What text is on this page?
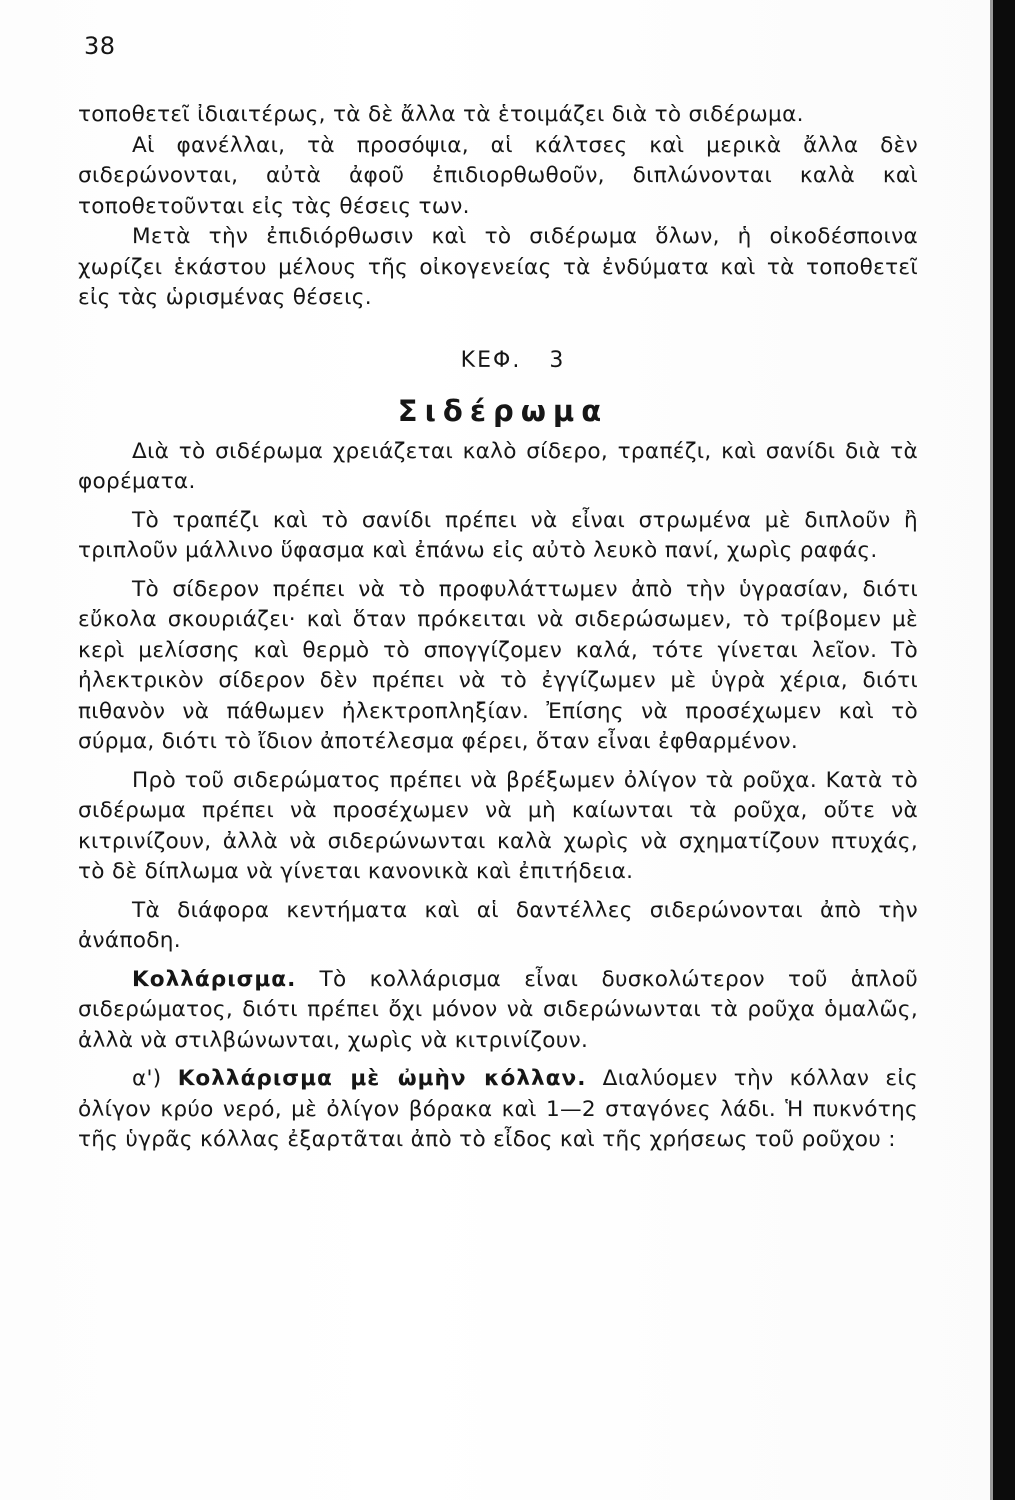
38

τοποθετεῖ ἰδιαιτέρως, τὰ δὲ ἄλλα τὰ ἑτοιμάζει διὰ τὸ σιδέρωμα.

Αἱ φανέλλαι, τὰ προσόψια, αἱ κάλτσες καὶ μερικὰ ἄλλα δὲν σιδερώνονται, αὐτὰ ἀφοῦ ἐπιδιορθωθοῦν, διπλώνονται καλὰ καὶ τοποθετοῦνται εἰς τὰς θέσεις των.

Μετὰ τὴν ἐπιδιόρθωσιν καὶ τὸ σιδέρωμα ὅλων, ἡ οἰκοδέσποινα χωρίζει ἑκάστου μέλους τῆς οἰκογενείας τὰ ἐνδύματα καὶ τὰ τοποθετεῖ εἰς τὰς ὡρισμένας θέσεις.

ΚΕΦ. 3

Σιδέρωμα

Διὰ τὸ σιδέρωμα χρειάζεται καλὸ σίδερο, τραπέζι, καὶ σανίδι διὰ τὰ φορέματα.

Τὸ τραπέζι καὶ τὸ σανίδι πρέπει νὰ εἶναι στρωμένα μὲ διπλοῦν ἢ τριπλοῦν μάλλινο ὕφασμα καὶ ἐπάνω εἰς αὐτὸ λευκὸ πανί, χωρὶς ραφάς.

Τὸ σίδερον πρέπει νὰ τὸ προφυλάττωμεν ἀπὸ τὴν ὑγρασίαν, διότι εὔκολα σκουριάζει· καὶ ὅταν πρόκειται νὰ σιδερώσωμεν, τὸ τρίβομεν μὲ κερὶ μελίσσης καὶ θερμὸ τὸ σπογγίζομεν καλά, τότε γίνεται λεῖον. Τὸ ἠλεκτρικὸν σίδερον δὲν πρέπει νὰ τὸ ἐγγίζωμεν μὲ ὑγρὰ χέρια, διότι πιθανὸν νὰ πάθωμεν ἠλεκτροπληξίαν. Ἐπίσης νὰ προσέχωμεν καὶ τὸ σύρμα, διότι τὸ ἴδιον ἀποτέλεσμα φέρει, ὅταν εἶναι ἐφθαρμένον.

Πρὸ τοῦ σιδερώματος πρέπει νὰ βρέξωμεν ὀλίγον τὰ ροῦχα. Κατὰ τὸ σιδέρωμα πρέπει νὰ προσέχωμεν νὰ μὴ καίωνται τὰ ροῦχα, οὔτε νὰ κιτρινίζουν, ἀλλὰ νὰ σιδερώνωνται καλὰ χωρὶς νὰ σχηματίζουν πτυχάς, τὸ δὲ δίπλωμα νὰ γίνεται κανονικὰ καὶ ἐπιτήδεια.

Τὰ διάφορα κεντήματα καὶ αἱ δαντέλλες σιδερώνονται ἀπὸ τὴν ἀνάποδη.

Κολλάρισμα. Τὸ κολλάρισμα εἶναι δυσκολώτερον τοῦ ἁπλοῦ σιδερώματος, διότι πρέπει ὄχι μόνον νὰ σιδερώνωνται τὰ ροῦχα ὁμαλῶς, ἀλλὰ νὰ στιλβώνωνται, χωρὶς νὰ κιτρινίζουν.

α') Κολλάρισμα μὲ ὠμὴν κόλλαν. Διαλύομεν τὴν κόλλαν εἰς ὀλίγον κρύο νερό, μὲ ὀλίγον βόρακα καὶ 1—2 σταγόνες λάδι. Ἡ πυκνότης τῆς ὑγρᾶς κόλλας ἐξαρτᾶται ἀπὸ τὸ εἶδος καὶ τῆς χρήσεως τοῦ ροῦχου :
